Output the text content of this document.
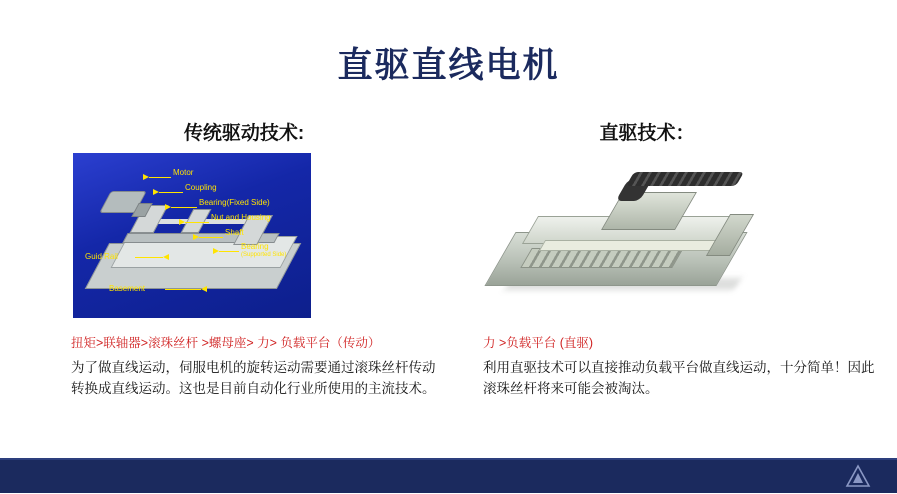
直驱直线电机
传统驱动技术:
Motor
Coupling
Bearing(Fixed Side)
Nut and Housing
Shaft
Bearing
(Supported Side)
Guid Rail
Basement
扭矩>联轴器>滚珠丝杆 >螺母座> 力> 负载平台（传动）
为了做直线运动，伺服电机的旋转运动需要通过滚珠丝杆传动转换成直线运动。这也是目前自动化行业所使用的主流技术。
直驱技术：
力 >负载平台 (直驱)
利用直驱技术可以直接推动负载平台做直线运动，十分简单！因此滚珠丝杆将来可能会被淘汰。
